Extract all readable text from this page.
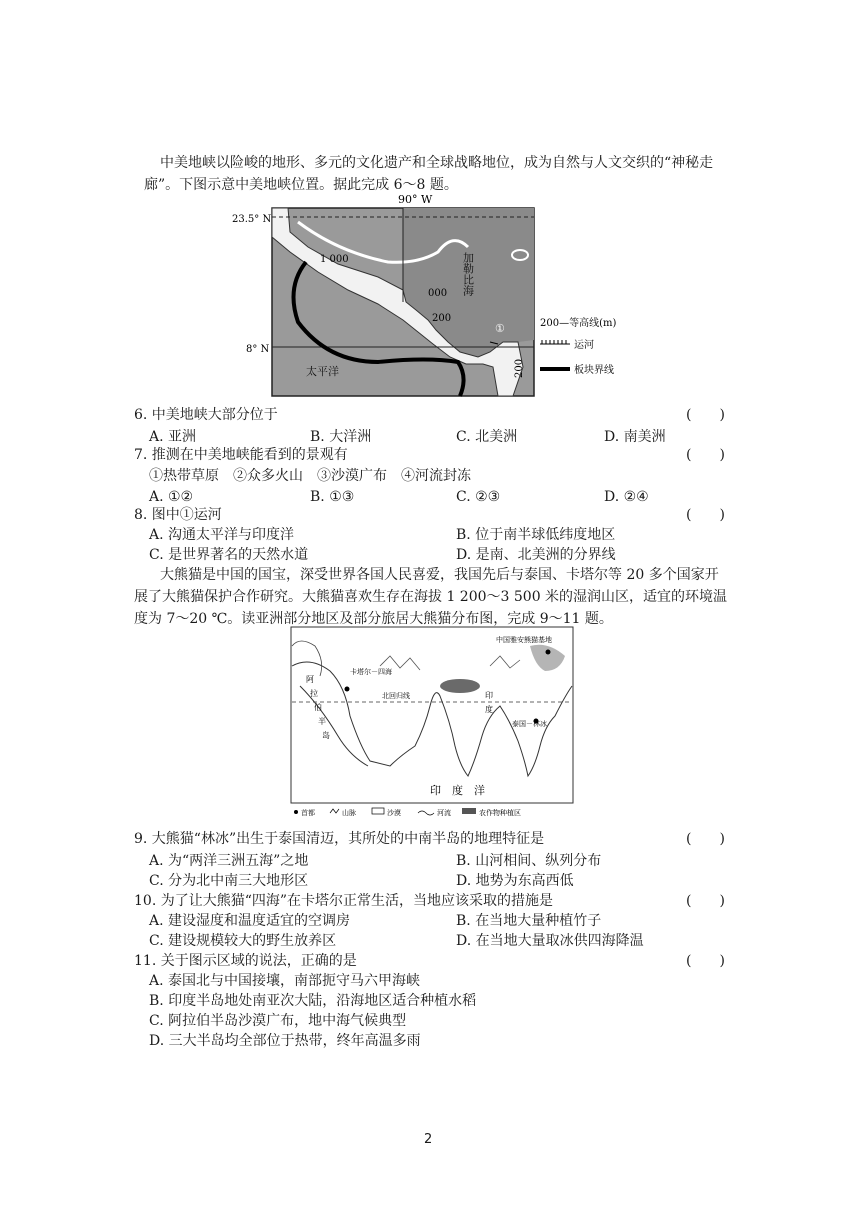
中美地峡以险峻的地形、多元的文化遗产和全球战略地位，成为自然与人文交织的“神秘走
廊”。下图示意中美地峡位置。据此完成 6～8 题。
90° W
23.5° N
8° N
加勒比海
太平洋
1 000
000
200
200
①	200—等高线(m)
运河
板块界线
6. 中美地峡大部分位于	(　　)
A. 亚洲	B. 大洋洲	C. 北美洲	D. 南美洲
7. 推测在中美地峡能看到的景观有	(　　)
①热带草原　②众多火山　③沙漠广布　④河流封冻
A. ①②	B. ①③	C. ②③	D. ②④
8. 图中①运河	(　　)
A. 沟通太平洋与印度洋	B. 位于南半球低纬度地区
C. 是世界著名的天然水道	D. 是南、北美洲的分界线
大熊猫是中国的国宝，深受世界各国人民喜爱，我国先后与泰国、卡塔尔等 20 多个国家开
展了大熊猫保护合作研究。大熊猫喜欢生存在海拔 1 200～3 500 米的湿润山区，适宜的环境温
度为 7～20 ℃。读亚洲部分地区及部分旅居大熊猫分布图，完成 9～11 题。
中国雅安熊猫基地
卡塔尔－四海
阿
拉
伯
半
岛
北回归线	印
度
泰国－林冰
印　度　洋
首都	山脉	沙漠	河流	农作物种植区
9. 大熊猫“林冰”出生于泰国清迈，其所处的中南半岛的地理特征是	(　　)
A. 为“两洋三洲五海”之地	B. 山河相间、纵列分布
C. 分为北中南三大地形区	D. 地势为东高西低
10. 为了让大熊猫“四海”在卡塔尔正常生活，当地应该采取的措施是	(　　)
A. 建设湿度和温度适宜的空调房	B. 在当地大量种植竹子
C. 建设规模较大的野生放养区	D. 在当地大量取冰供四海降温
11. 关于图示区域的说法，正确的是	(　　)
A. 泰国北与中国接壤，南部扼守马六甲海峡
B. 印度半岛地处南亚次大陆，沿海地区适合种植水稻
C. 阿拉伯半岛沙漠广布，地中海气候典型
D. 三大半岛均全部位于热带，终年高温多雨
2
